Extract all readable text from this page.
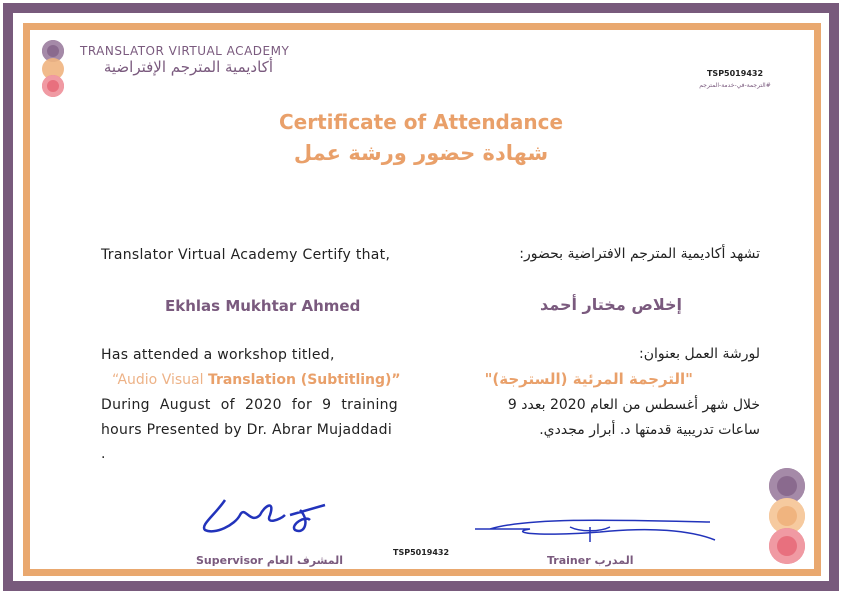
TRANSLATOR VIRTUAL ACADEMY
أكاديمية المترجم الإفتراضية	TSP5019432
#الترجمة-في-خدمة-المترجم
Certificate of Attendance
شهادة حضور ورشة عمل
Translator Virtual Academy Certify that,
Ekhlas Mukhtar Ahmed
Has attended a workshop titled,
“Audio Visual Translation (Subtitling)”
During August of 2020 for 9 training
hours Presented by Dr. Abrar Mujaddadi
.
تشهد أكاديمية المترجم الافتراضية بحضور:
إخلاص مختار أحمد
لورشة العمل بعنوان:
"الترجمة المرئية (السترجة)"
خلال شهر أغسطس من العام 2020 بعدد 9
ساعات تدريبية قدمتها د. أبرار مجددي.
Supervisor المشرف العام
TSP5019432
Trainer المدرب
